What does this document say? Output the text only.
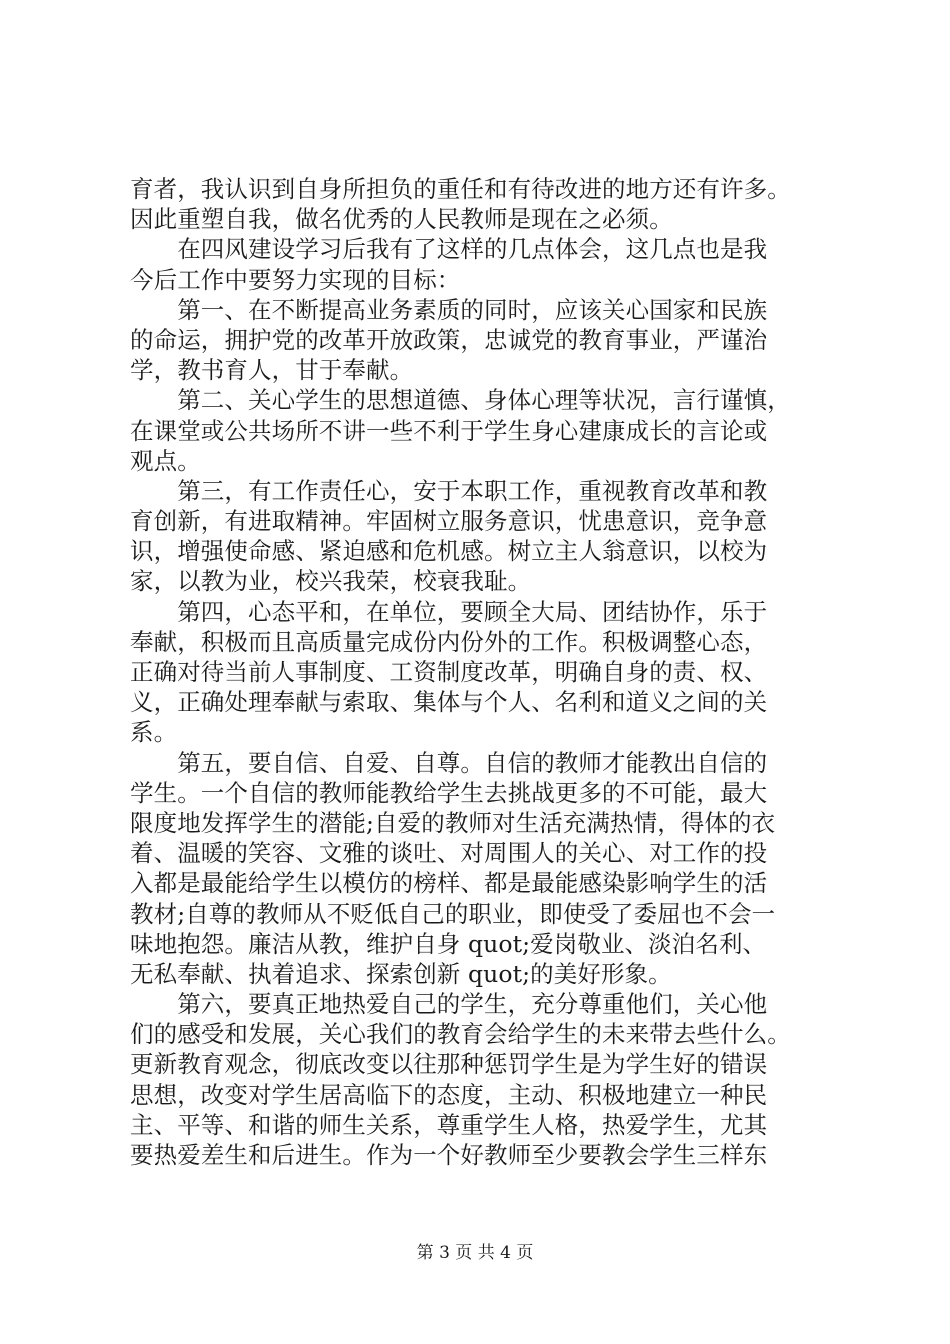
育者，我认识到自身所担负的重任和有待改进的地方还有许多。
因此重塑自我，做名优秀的人民教师是现在之必须。
　　在四风建设学习后我有了这样的几点体会，这几点也是我
今后工作中要努力实现的目标：
　　第一、在不断提高业务素质的同时，应该关心国家和民族
的命运，拥护党的改革开放政策，忠诚党的教育事业，严谨治
学，教书育人，甘于奉献。
　　第二、关心学生的思想道德、身体心理等状况，言行谨慎，
在课堂或公共场所不讲一些不利于学生身心建康成长的言论或
观点。
　　第三，有工作责任心，安于本职工作，重视教育改革和教
育创新，有进取精神。牢固树立服务意识，忧患意识，竞争意
识，增强使命感、紧迫感和危机感。树立主人翁意识，以校为
家，以教为业，校兴我荣，校衰我耻。
　　第四，心态平和，在单位，要顾全大局、团结协作，乐于
奉献，积极而且高质量完成份内份外的工作。积极调整心态，
正确对待当前人事制度、工资制度改革，明确自身的责、权、
义，正确处理奉献与索取、集体与个人、名利和道义之间的关
系。
　　第五，要自信、自爱、自尊。自信的教师才能教出自信的
学生。一个自信的教师能教给学生去挑战更多的不可能，最大
限度地发挥学生的潜能;自爱的教师对生活充满热情，得体的衣
着、温暖的笑容、文雅的谈吐、对周围人的关心、对工作的投
入都是最能给学生以模仿的榜样、都是最能感染影响学生的活
教材;自尊的教师从不贬低自己的职业，即使受了委屈也不会一
味地抱怨。廉洁从教，维护自身 quot;爱岗敬业、淡泊名利、
无私奉献、执着追求、探索创新 quot;的美好形象。
　　第六，要真正地热爱自己的学生，充分尊重他们，关心他
们的感受和发展，关心我们的教育会给学生的未来带去些什么。
更新教育观念，彻底改变以往那种惩罚学生是为学生好的错误
思想，改变对学生居高临下的态度，主动、积极地建立一种民
主、平等、和谐的师生关系，尊重学生人格，热爱学生，尤其
要热爱差生和后进生。作为一个好教师至少要教会学生三样东
第 3 页 共 4 页
